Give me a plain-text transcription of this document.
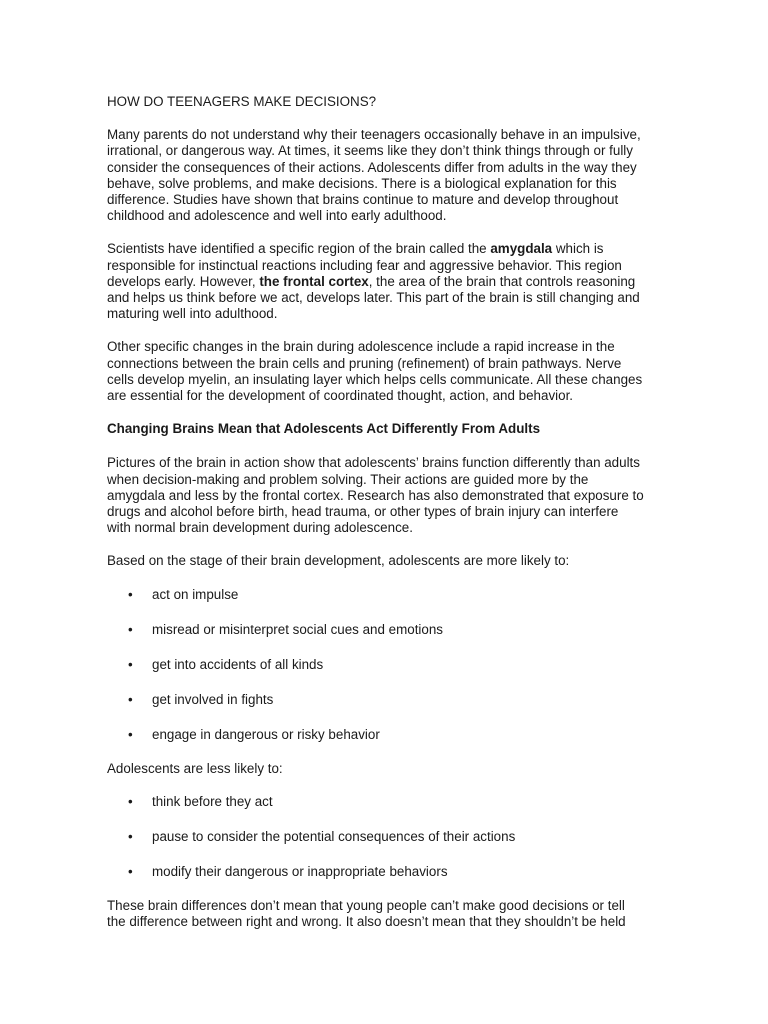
HOW DO TEENAGERS MAKE DECISIONS?

Many parents do not understand why their teenagers occasionally behave in an impulsive,
irrational, or dangerous way. At times, it seems like they don’t think things through or fully
consider the consequences of their actions. Adolescents differ from adults in the way they
behave, solve problems, and make decisions. There is a biological explanation for this
difference. Studies have shown that brains continue to mature and develop throughout
childhood and adolescence and well into early adulthood.

Scientists have identified a specific region of the brain called the amygdala which is
responsible for instinctual reactions including fear and aggressive behavior. This region
develops early. However, the frontal cortex, the area of the brain that controls reasoning
and helps us think before we act, develops later. This part of the brain is still changing and
maturing well into adulthood.

Other specific changes in the brain during adolescence include a rapid increase in the
connections between the brain cells and pruning (refinement) of brain pathways. Nerve
cells develop myelin, an insulating layer which helps cells communicate. All these changes
are essential for the development of coordinated thought, action, and behavior.

Changing Brains Mean that Adolescents Act Differently From Adults

Pictures of the brain in action show that adolescents’ brains function differently than adults
when decision-making and problem solving. Their actions are guided more by the
amygdala and less by the frontal cortex. Research has also demonstrated that exposure to
drugs and alcohol before birth, head trauma, or other types of brain injury can interfere
with normal brain development during adolescence.

Based on the stage of their brain development, adolescents are more likely to:

• act on impulse
• misread or misinterpret social cues and emotions
• get into accidents of all kinds
• get involved in fights
• engage in dangerous or risky behavior

Adolescents are less likely to:

• think before they act
• pause to consider the potential consequences of their actions
• modify their dangerous or inappropriate behaviors

These brain differences don’t mean that young people can’t make good decisions or tell
the difference between right and wrong. It also doesn’t mean that they shouldn’t be held
